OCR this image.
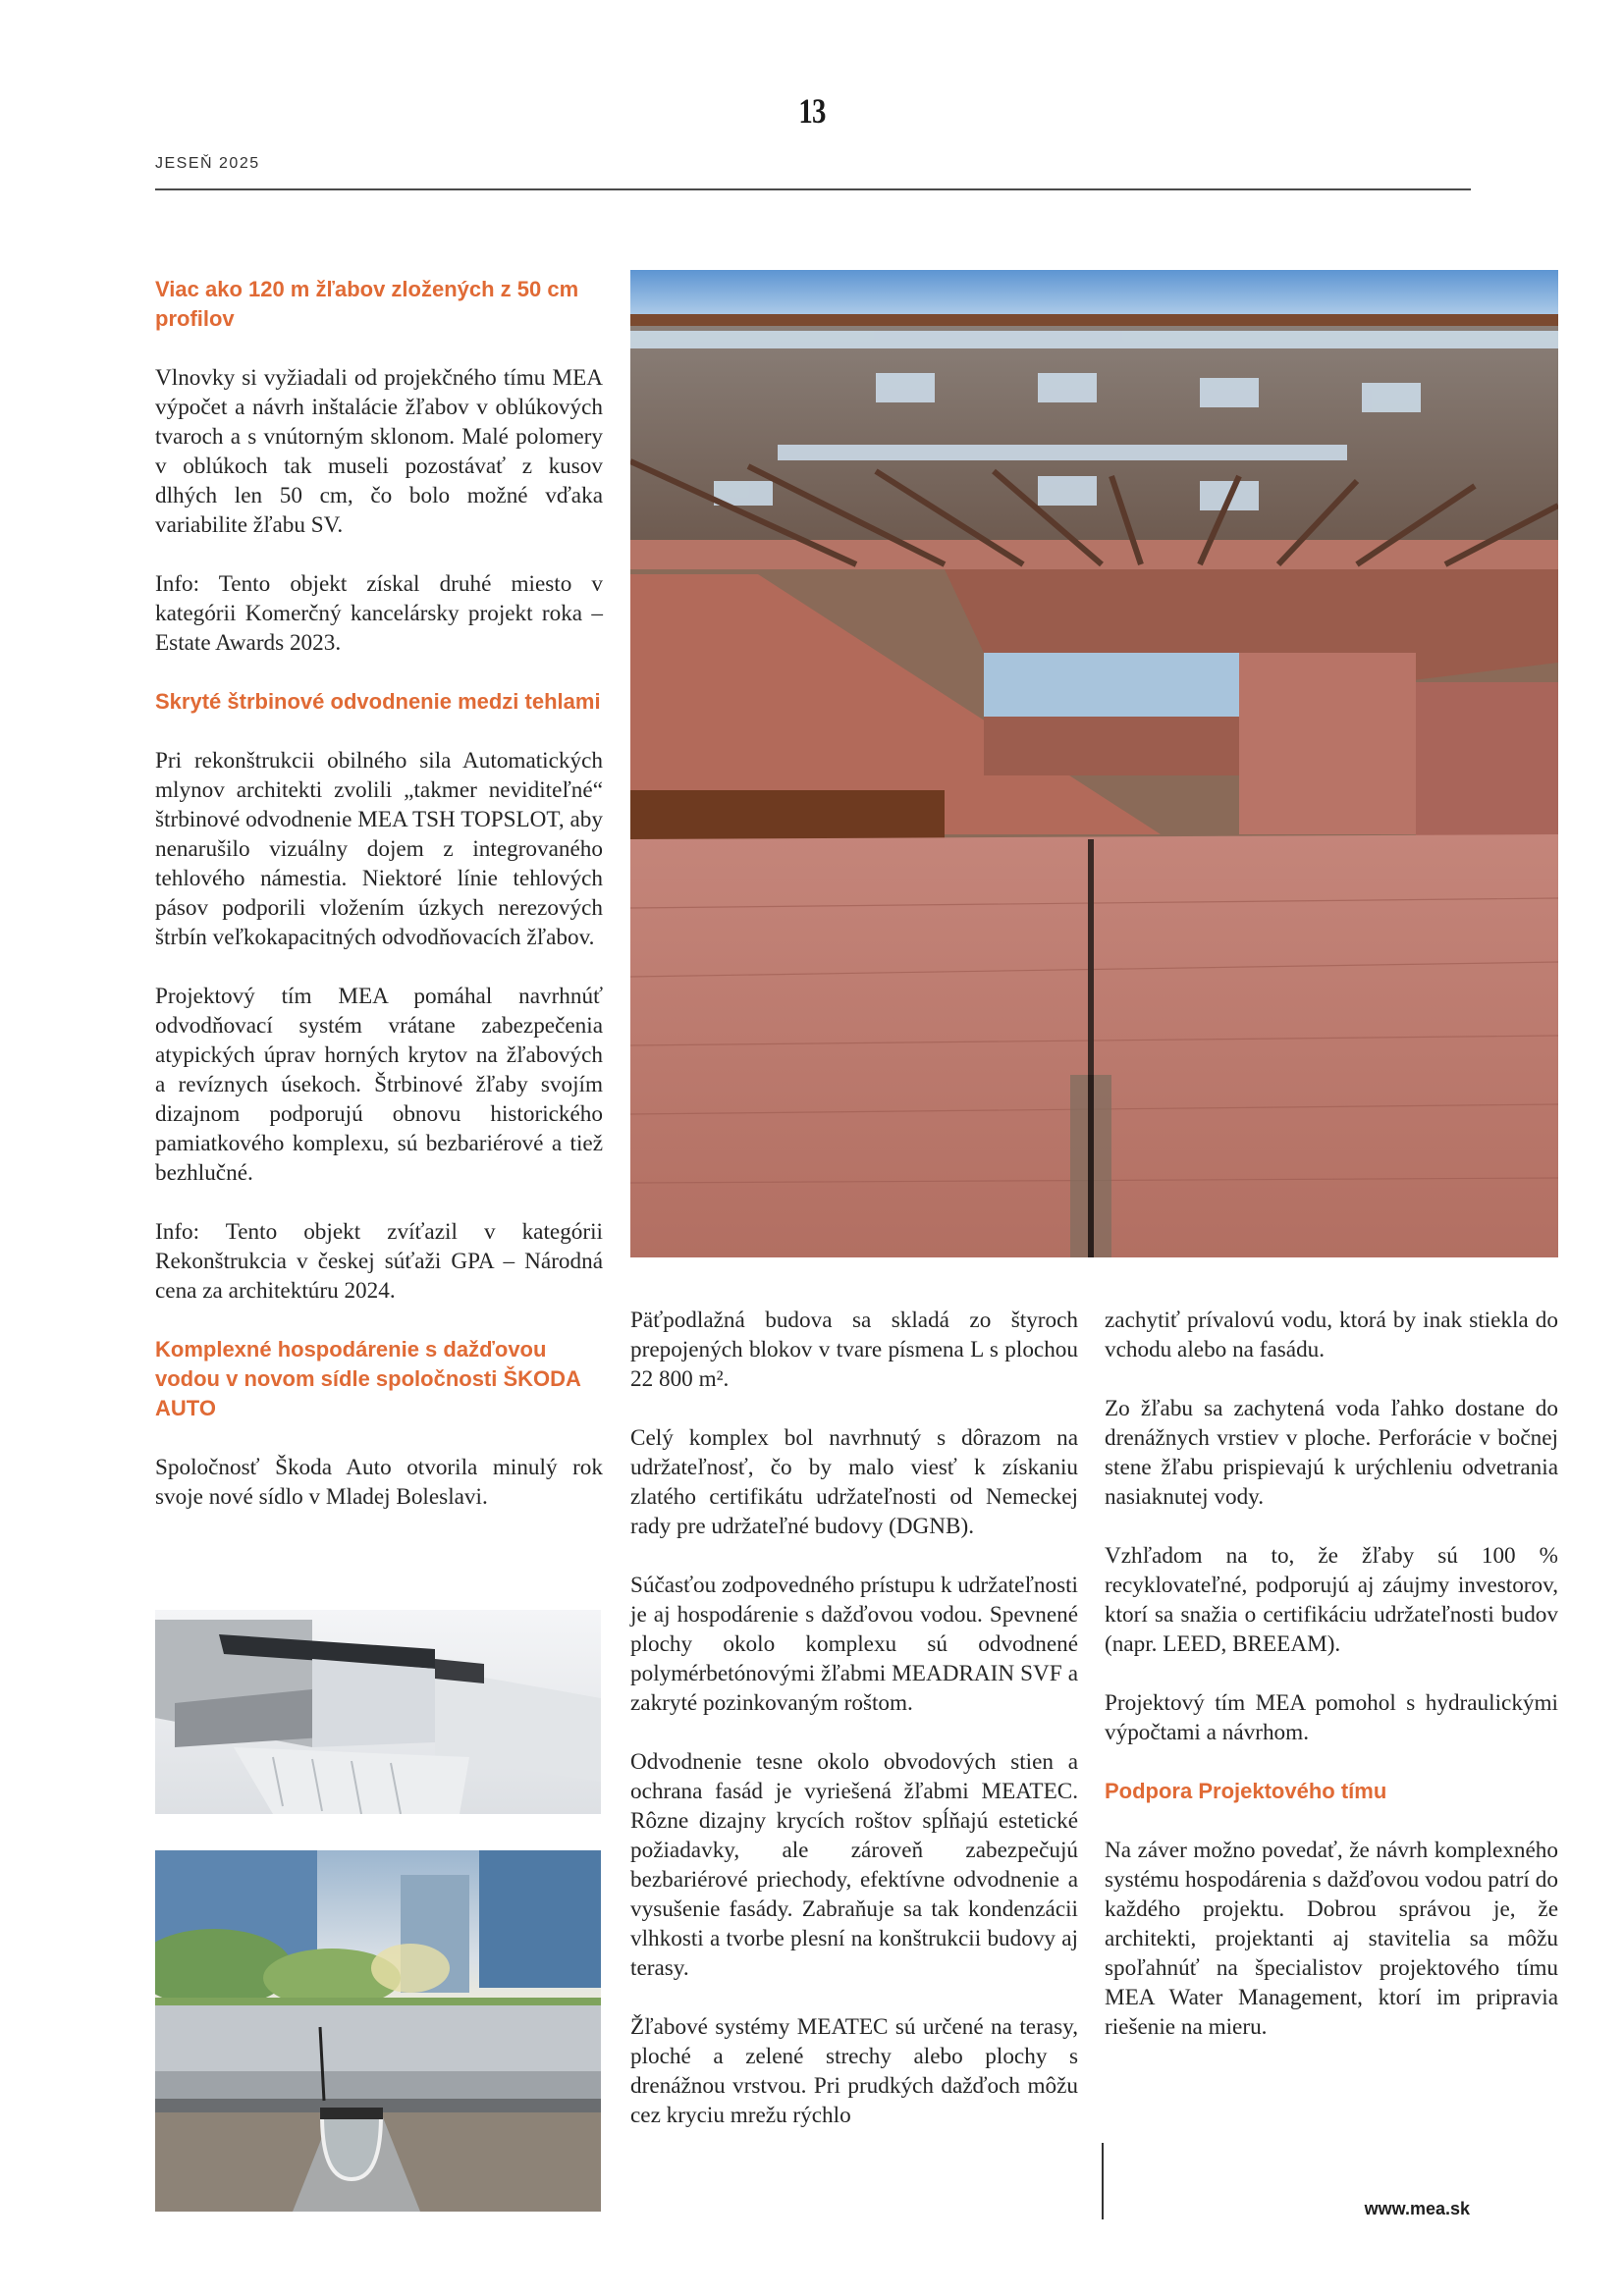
13
JESEŇ 2025
Viac ako 120 m žľabov zložených z 50 cm profilov

Vlnovky si vyžiadali od projekčného tímu MEA výpočet a návrh inštalácie žľabov v oblúkových tvaroch a s vnútorným sklonom. Malé polomery v oblúkoch tak museli pozostávať z kusov dlhých len 50 cm, čo bolo možné vďaka variabilite žľabu SV.

Info: Tento objekt získal druhé miesto v kategórii Komerčný kancelársky projekt roka – Estate Awards 2023.

Skryté štrbinové odvodnenie medzi tehlami

Pri rekonštrukcii obilného sila Automatických mlynov architekti zvolili „takmer neviditeľné“ štrbinové odvodnenie MEA TSH TOPSLOT, aby nenarušilo vizuálny dojem z integrovaného tehlového námestia. Niektoré línie tehlových pásov podporili vložením úzkych nerezových štrbín veľkokapacitných odvodňovacích žľabov.

Projektový tím MEA pomáhal navrhnúť odvodňovací systém vrátane zabezpečenia atypických úprav horných krytov na žľabových a revíznych úsekoch. Štrbinové žľaby svojím dizajnom podporujú obnovu historického pamiatkového komplexu, sú bezbariérové a tiež bezhlučné.

Info: Tento objekt zvíťazil v kategórii Rekonštrukcia v českej súťaži GPA – Národná cena za architektúru 2024.

Komplexné hospodárenie s dažďovou vodou v novom sídle spoločnosti ŠKODA AUTO

Spoločnosť Škoda Auto otvorila minulý rok svoje nové sídlo v Mladej Boleslavi.

Päťpodlažná budova sa skladá zo štyroch prepojených blokov v tvare písmena L s plochou 22 800 m².

Celý komplex bol navrhnutý s dôrazom na udržateľnosť, čo by malo viesť k získaniu zlatého certifikátu udržateľnosti od Nemeckej rady pre udržateľné budovy (DGNB).

Súčasťou zodpovedného prístupu k udržateľnosti je aj hospodárenie s dažďovou vodou. Spevnené plochy okolo komplexu sú odvodnené polymérbetónovými žľabmi MEADRAIN SVF a zakryté pozinkovaným roštom.

Odvodnenie tesne okolo obvodových stien a ochrana fasád je vyriešená žľabmi MEATEC. Rôzne dizajny krycích roštov spĺňajú estetické požiadavky, ale zároveň zabezpečujú bezbariérové priechody, efektívne odvodnenie a vysušenie fasády. Zabraňuje sa tak kondenzácii vlhkosti a tvorbe plesní na konštrukcii budovy aj terasy.

Žľabové systémy MEATEC sú určené na terasy, ploché a zelené strechy alebo plochy s drenážnou vrstvou. Pri prudkých dažďoch môžu cez kryciu mrežu rýchlo

zachytiť prívalovú vodu, ktorá by inak stiekla do vchodu alebo na fasádu.

Zo žľabu sa zachytená voda ľahko dostane do drenážnych vrstiev v ploche. Perforácie v bočnej stene žľabu prispievajú k urýchleniu odvetrania nasiaknutej vody.

Vzhľadom na to, že žľaby sú 100 % recyklovateľné, podporujú aj záujmy investorov, ktorí sa snažia o certifikáciu udržateľnosti budov (napr. LEED, BREEAM).

Projektový tím MEA pomohol s hydraulickými výpočtami a návrhom.

Podpora Projektového tímu

Na záver možno povedať, že návrh komplexného systému hospodárenia s dažďovou vodou patrí do každého projektu. Dobrou správou je, že architekti, projektanti aj stavitelia sa môžu spoľahnúť na špecialistov projektového tímu MEA Water Management, ktorí im pripravia riešenie na mieru.

www.mea.sk
